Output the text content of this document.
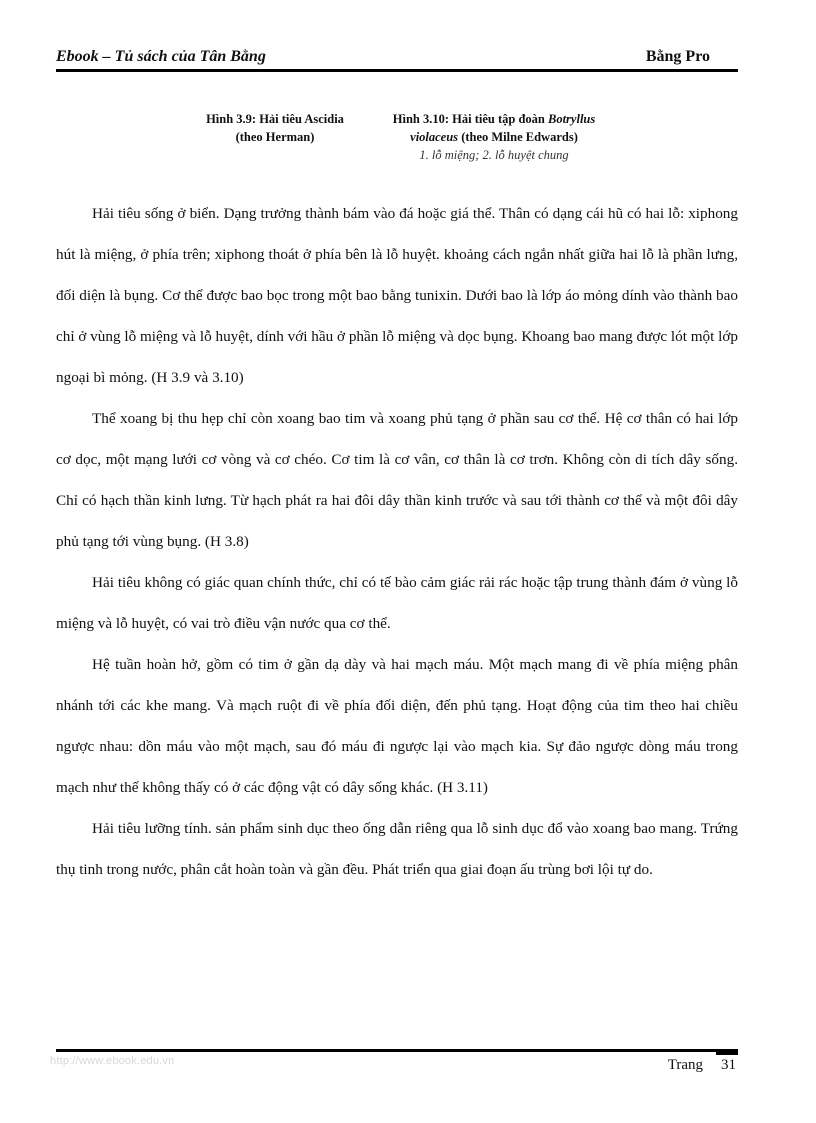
Ebook – Tủ sách của Tân Bằng	Bằng Pro
Hình 3.9: Hải tiêu Ascidia
(theo Herman)
Hình 3.10: Hải tiêu tập đoàn Botryllus
violaceus (theo Milne Edwards)
1. lỗ miệng; 2. lỗ huyệt chung

Hải tiêu sống ở biển. Dạng trưởng thành bám vào đá hoặc giá thể. Thân có dạng cái hũ có hai lỗ: xiphong hút là miệng, ở phía trên; xiphong thoát ở phía bên là lỗ huyệt. khoảng cách ngắn nhất giữa hai lỗ là phần lưng, đối diện là bụng. Cơ thể được bao bọc trong một bao bằng tunixin. Dưới bao là lớp áo mỏng dính vào thành bao chỉ ở vùng lỗ miệng và lỗ huyệt, dính với hầu ở phần lỗ miệng và dọc bụng. Khoang bao mang được lót một lớp ngoại bì mỏng. (H 3.9 và 3.10)

Thể xoang bị thu hẹp chỉ còn xoang bao tim và xoang phủ tạng ở phần sau cơ thể. Hệ cơ thân có hai lớp cơ dọc, một mạng lưới cơ vòng và cơ chéo. Cơ tim là cơ vân, cơ thân là cơ trơn. Không còn di tích dây sống. Chỉ có hạch thần kinh lưng. Từ hạch phát ra hai đôi dây thần kinh trước và sau tới thành cơ thể và một đôi dây phủ tạng tới vùng bụng. (H 3.8)

Hải tiêu không có giác quan chính thức, chỉ có tế bào cảm giác rải rác hoặc tập trung thành đám ở vùng lỗ miệng và lỗ huyệt, có vai trò điều vận nước qua cơ thể.

Hệ tuần hoàn hở, gồm có tim ở gần dạ dày và hai mạch máu. Một mạch mang đi về phía miệng phân nhánh tới các khe mang. Và mạch ruột đi về phía đối diện, đến phủ tạng. Hoạt động của tim theo hai chiều ngược nhau: dồn máu vào một mạch, sau đó máu đi ngược lại vào mạch kia. Sự đảo ngược dòng máu trong mạch như thế không thấy có ở các động vật có dây sống khác. (H 3.11)

Hải tiêu lưỡng tính. sản phẩm sinh dục theo ống dẫn riêng qua lỗ sinh dục đổ vào xoang bao mang. Trứng thụ tinh trong nước, phân cắt hoàn toàn và gần đều. Phát triển qua giai đoạn ấu trùng bơi lội tự do.

http://www.ebook.edu.vn	Trang 31
